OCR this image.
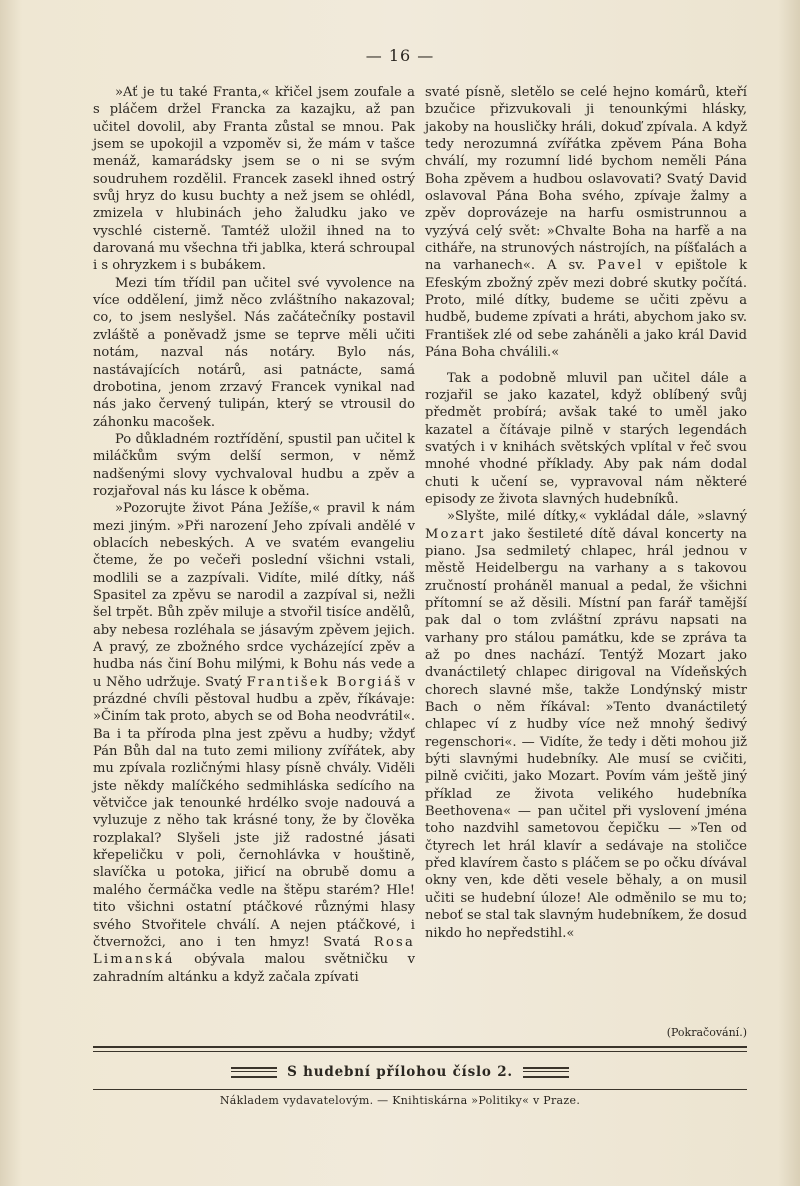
— 16 —

»Ať je tu také Franta,« křičel jsem zoufale a s pláčem držel Francka za kazajku, až pan učitel dovolil, aby Franta zůstal se mnou. Pak jsem se upokojil a vzpoměv si, že mám v tašce menáž, kamarádsky jsem se o ni se svým soudruhem rozdělil. Francek zasekl ihned ostrý svůj hryz do kusu buchty a než jsem se ohlédl, zmizela v hlubinách jeho žaludku jako ve vyschlé cisterně. Tamtéž uložil ihned na to darovaná mu všechna tři jablka, která schroupal i s ohryzkem i s bubákem.

Mezi tím třídil pan učitel své vyvolence na více oddělení, jimž něco zvláštního nakazoval; co, to jsem neslyšel. Nás začátečníky postavil zvláště a poněvadž jsme se teprve měli učiti notám, nazval nás notáry. Bylo nás, nastávajících notárů, asi patnácte, samá drobotina, jenom zrzavý Francek vynikal nad nás jako červený tulipán, který se vtrousil do záhonku macošek.

Po důkladném roztřídění, spustil pan učitel k miláčkům svým delší sermon, v němž nadšenými slovy vychvaloval hudbu a zpěv a rozjařoval nás ku lásce k oběma.

»Pozorujte život Pána Ježíše,« pravil k nám mezi jiným. »Při narození Jeho zpívali andělé v oblacích nebeských. A ve svatém evangeliu čteme, že po večeři poslední všichni vstali, modlili se a zazpívali. Vidíte, milé dítky, náš Spasitel za zpěvu se narodil a zazpíval si, nežli šel trpět. Bůh zpěv miluje a stvořil tisíce andělů, aby nebesa rozléhala se jásavým zpěvem jejich. A pravý, ze zbožného srdce vycházející zpěv a hudba nás činí Bohu milými, k Bohu nás vede a u Něho udržuje. Svatý František Borgiáš v prázdné chvíli pěstoval hudbu a zpěv, říkávaje: »Činím tak proto, abych se od Boha neodvrátil«. Ba i ta příroda plna jest zpěvu a hudby; vždyť Pán Bůh dal na tuto zemi miliony zvířátek, aby mu zpívala rozličnými hlasy písně chvály. Viděli jste někdy malíčkého sedmihláska sedícího na větvičce jak tenounké hrdélko svoje nadouvá a vyluzuje z něho tak krásné tony, že by člověka rozplakal? Slyšeli jste již radostné jásati křepeličku v poli, černohlávka v houštině, slavíčka u potoka, jiřicí na obrubě domu a malého čermáčka vedle na štěpu starém? Hle! tito všichni ostatní ptáčkové různými hlasy svého Stvořitele chválí. A nejen ptáčkové, i čtvernožci, ano i ten hmyz! Svatá Rosa Limanská obývala malou světničku v zahradním altánku a když začala zpívati

svaté písně, sletělo se celé hejno komárů, kteří bzučice přizvukovali ji tenounkými hlásky, jakoby na housličky hráli, dokuď zpívala. A když tedy nerozumná zvířátka zpěvem Pána Boha chválí, my rozumní lidé bychom neměli Pána Boha zpěvem a hudbou oslavovati? Svatý David oslavoval Pána Boha svého, zpívaje žalmy a zpěv doprovázeje na harfu osmistrunnou a vyzývá celý svět: »Chvalte Boha na harfě a na citháře, na strunových nástrojích, na píšťalách a na varhanech«. A sv. Pavel v epištole k Efeským zbožný zpěv mezi dobré skutky počítá. Proto, milé dítky, budeme se učiti zpěvu a hudbě, budeme zpívati a hráti, abychom jako sv. František zlé od sebe zaháněli a jako král David Pána Boha chválili.«

Tak a podobně mluvil pan učitel dále a rozjařil se jako kazatel, když oblíbený svůj předmět probírá; avšak také to uměl jako kazatel a čítávaje pilně v starých legendách svatých i v knihách světských vplítal v řeč svou mnohé vhodné příklady. Aby pak nám dodal chuti k učení se, vypravoval nám některé episody ze života slavných hudebníků.

»Slyšte, milé dítky,« vykládal dále, »slavný Mozart jako šestileté dítě dával koncerty na piano. Jsa sedmiletý chlapec, hrál jednou v městě Heidelbergu na varhany a s takovou zručností proháněl manual a pedal, že všichni přítomní se až děsili. Místní pan farář tamější pak dal o tom zvláštní zprávu napsati na varhany pro stálou památku, kde se zpráva ta až po dnes nachází. Tentýž Mozart jako dvanáctiletý chlapec dirigoval na Vídeňských chorech slavné mše, takže Londýnský mistr Bach o něm říkával: »Tento dvanáctiletý chlapec ví z hudby více než mnohý šedivý regenschori«. — Vidíte, že tedy i děti mohou již býti slavnými hudebníky. Ale musí se cvičiti, pilně cvičiti, jako Mozart. Povím vám ještě jiný příklad ze života velikého hudebníka Beethovena« — pan učitel při vyslovení jména toho nazdvihl sametovou čepičku — »Ten od čtyrech let hrál klavír a sedávaje na stoličce před klavírem často s pláčem se po očku dívával okny ven, kde děti vesele běhaly, a on musil učiti se hudební úloze! Ale odměnilo se mu to; neboť se stal tak slavným hudebníkem, že dosud nikdo ho nepředstihl.«

(Pokračování.)
S hudební přílohou číslo 2.
Nákladem vydavatelovým. — Knihtiskárna »Politiky« v Praze.
